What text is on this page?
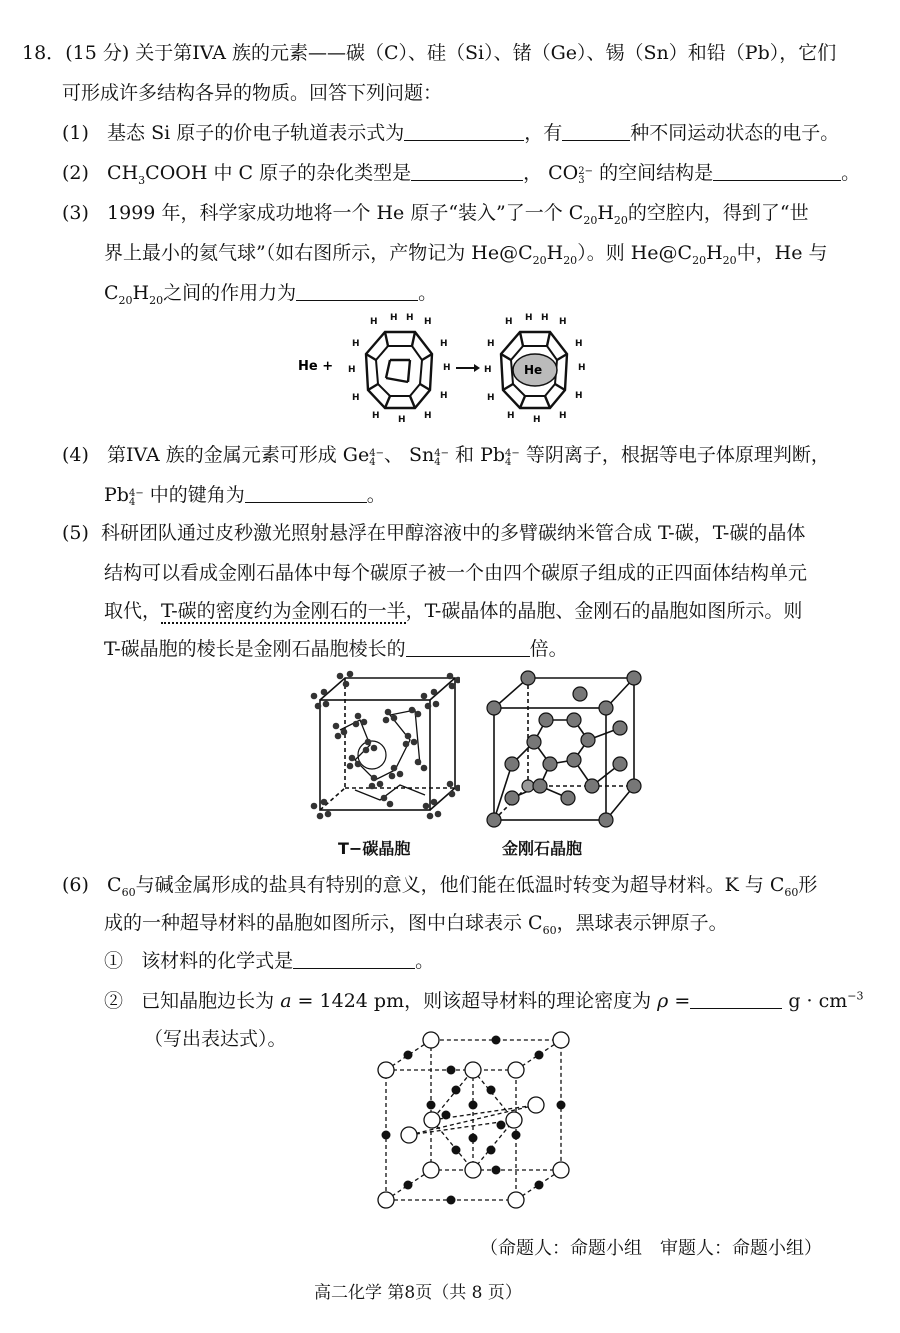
18．(15 分) 关于第IVA 族的元素——碳（C）、硅（Si）、锗（Ge）、锡（Sn）和铅（Pb），它们
可形成许多结构各异的物质。回答下列问题：
(1) 基态 Si 原子的价电子轨道表示式为	，有	种不同运动状态的电子。
(2) $CH_3COOH$ 中 C 原子的杂化类型是	， CO 2−
3 的空间结构是	。
(3) 1999 年，科学家成功地将一个 He 原子“装入”了一个 $C_{20}H_{20}$的空腔内，得到了“世
界上最小的氦气球”（如右图所示，产物记为 $He@C_{20}H_{20}$）。则 $He@C_{20}H_{20}$中，He 与
$C_{20}H_{20}$之间的作用力为	。
He +
H H H H
H
H
H
H
H
H
H
H
H
He
H H H H
H
H
H
H
H
H
H
H
H
(4) 第IVA 族的金属元素可形成 Ge 4−
4 、 Sn 4−
4 和 Pb 4−
4 等阴离子，根据等电子体原理判断，
Pb 4−
4 中的键角为	。
(5) 科研团队通过皮秒激光照射悬浮在甲醇溶液中的多臂碳纳米管合成 T-碳，T-碳的晶体
结构可以看成金刚石晶体中每个碳原子被一个由四个碳原子组成的正四面体结构单元
取代，T-碳的密度约为金刚石的一半，T-碳晶体的晶胞、金刚石的晶胞如图所示。则
T-碳晶胞的棱长是金刚石晶胞棱长的	倍。
T−碳晶胞	金刚石晶胞
(6) $C_{60}$与碱金属形成的盐具有特别的意义，他们能在低温时转变为超导材料。K 与 $C_{60}$形
成的一种超导材料的晶胞如图所示，图中白球表示 $C_{60}$，黑球表示钾原子。
① 该材料的化学式是	。
② 已知晶胞边长为 a = 1424 pm，则该超导材料的理论密度为 ρ =	$g \cdot cm^{-3}$
（写出表达式）。
（命题人：命题小组　审题人：命题小组）
高二化学 第8页（共 8 页）
